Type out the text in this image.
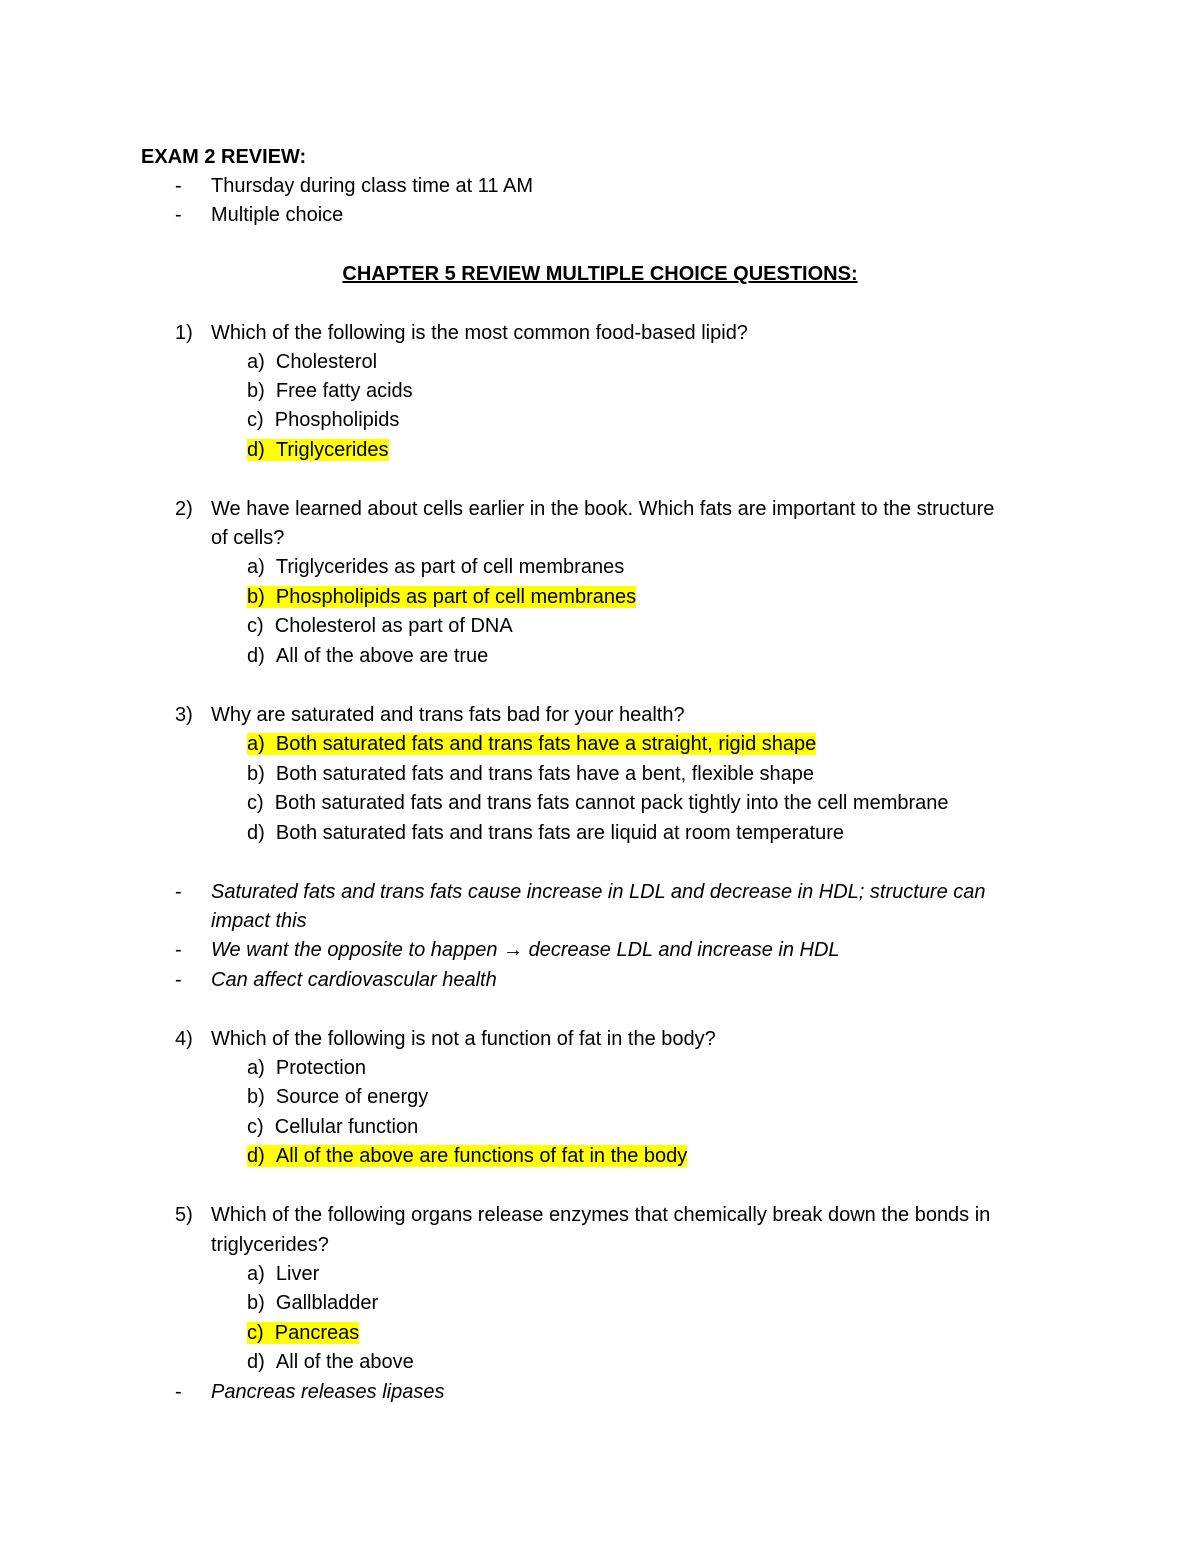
EXAM 2 REVIEW:
- Thursday during class time at 11 AM
- Multiple choice
CHAPTER 5 REVIEW MULTIPLE CHOICE QUESTIONS:
1) Which of the following is the most common food-based lipid?
a) Cholesterol
b) Free fatty acids
c) Phospholipids
d) Triglycerides
2) We have learned about cells earlier in the book. Which fats are important to the structure
of cells?
a) Triglycerides as part of cell membranes
b) Phospholipids as part of cell membranes
c) Cholesterol as part of DNA
d) All of the above are true
3) Why are saturated and trans fats bad for your health?
a) Both saturated fats and trans fats have a straight, rigid shape
b) Both saturated fats and trans fats have a bent, flexible shape
c) Both saturated fats and trans fats cannot pack tightly into the cell membrane
d) Both saturated fats and trans fats are liquid at room temperature
- Saturated fats and trans fats cause increase in LDL and decrease in HDL; structure can
impact this
- We want the opposite to happen → decrease LDL and increase in HDL
- Can affect cardiovascular health
4) Which of the following is not a function of fat in the body?
a) Protection
b) Source of energy
c) Cellular function
d) All of the above are functions of fat in the body
5) Which of the following organs release enzymes that chemically break down the bonds in
triglycerides?
a) Liver
b) Gallbladder
c) Pancreas
d) All of the above
- Pancreas releases lipases
